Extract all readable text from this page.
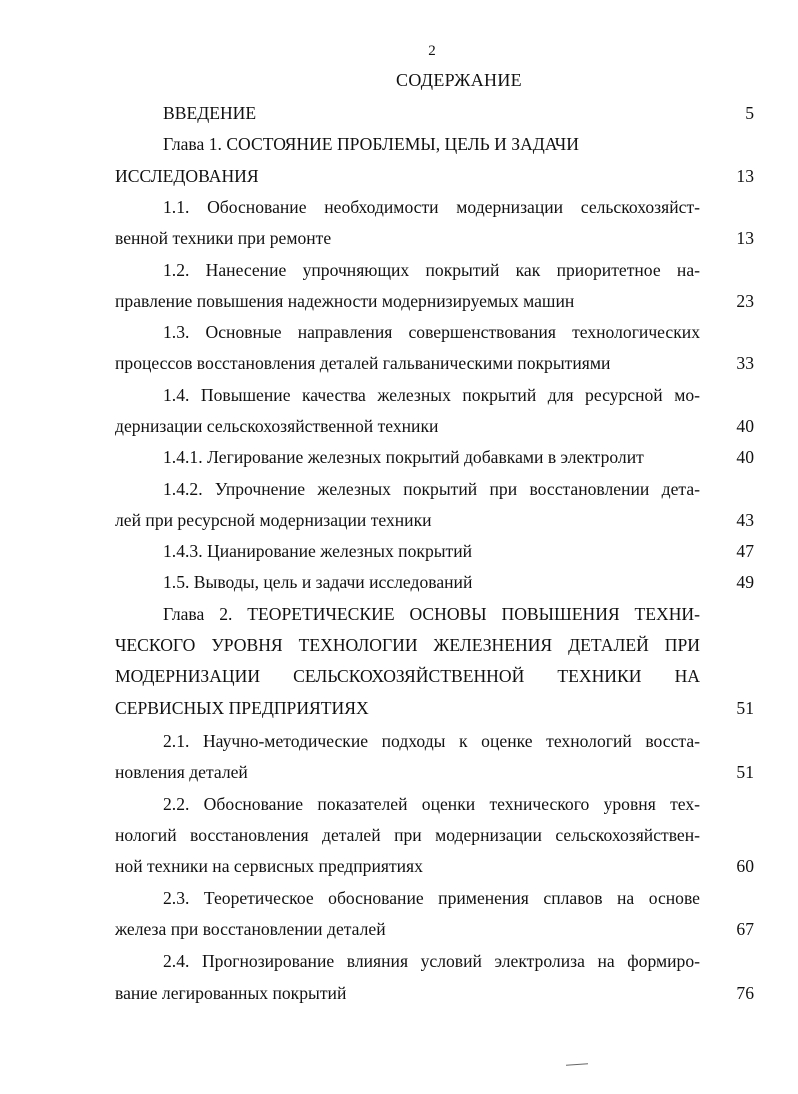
2
СОДЕРЖАНИЕ
ВВЕДЕНИЕ	5
Глава 1. СОСТОЯНИЕ ПРОБЛЕМЫ, ЦЕЛЬ И ЗАДАЧИ
ИССЛЕДОВАНИЯ	13
1.1. Обоснование необходимости модернизации сельскохозяйст-
венной техники при ремонте	13
1.2. Нанесение упрочняющих покрытий как приоритетное на-
правление повышения надежности модернизируемых машин	23
1.3. Основные направления совершенствования технологических
процессов восстановления деталей гальваническими покрытиями	33
1.4. Повышение качества железных покрытий для ресурсной мо-
дернизации сельскохозяйственной техники	40
1.4.1. Легирование железных покрытий добавками в электролит	40
1.4.2. Упрочнение железных покрытий при восстановлении дета-
лей при ресурсной модернизации техники	43
1.4.3. Цианирование железных покрытий	47
1.5. Выводы, цель и задачи исследований	49
Глава 2. ТЕОРЕТИЧЕСКИЕ ОСНОВЫ ПОВЫШЕНИЯ ТЕХНИ-
ЧЕСКОГО УРОВНЯ ТЕХНОЛОГИИ ЖЕЛЕЗНЕНИЯ ДЕТАЛЕЙ ПРИ
МОДЕРНИЗАЦИИ СЕЛЬСКОХОЗЯЙСТВЕННОЙ ТЕХНИКИ НА
СЕРВИСНЫХ ПРЕДПРИЯТИЯХ	51
2.1. Научно-методические подходы к оценке технологий восста-
новления деталей	51
2.2. Обоснование показателей оценки технического уровня тех-
нологий восстановления деталей при модернизации сельскохозяйствен-
ной техники на сервисных предприятиях	60
2.3. Теоретическое обоснование применения сплавов на основе
железа при восстановлении деталей	67
2.4. Прогнозирование влияния условий электролиза на формиро-
вание легированных покрытий	76
